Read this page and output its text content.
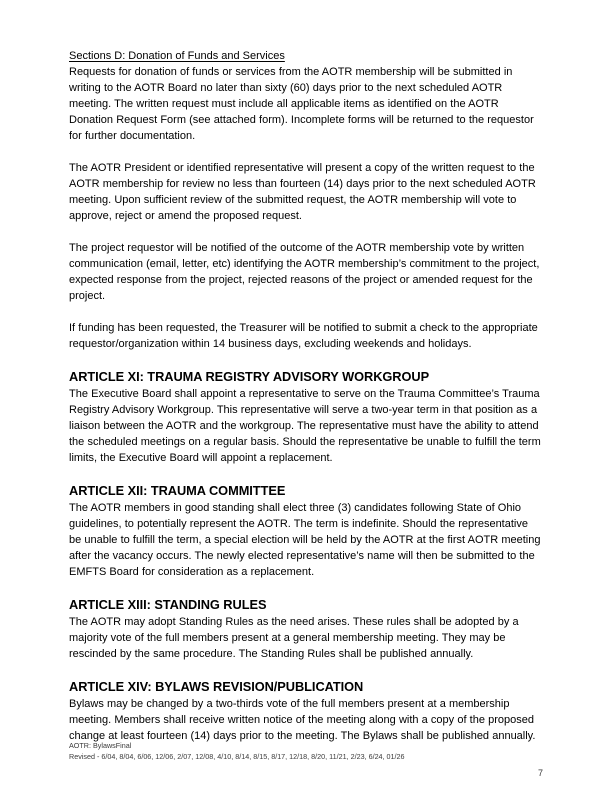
Sections D: Donation of Funds and Services

Requests for donation of funds or services from the AOTR membership will be submitted in writing to the AOTR Board no later than sixty (60) days prior to the next scheduled AOTR meeting. The written request must include all applicable items as identified on the AOTR Donation Request Form (see attached form). Incomplete forms will be returned to the requestor for further documentation.

The AOTR President or identified representative will present a copy of the written request to the AOTR membership for review no less than fourteen (14) days prior to the next scheduled AOTR meeting. Upon sufficient review of the submitted request, the AOTR membership will vote to approve, reject or amend the proposed request.

The project requestor will be notified of the outcome of the AOTR membership vote by written communication (email, letter, etc) identifying the AOTR membership’s commitment to the project, expected response from the project, rejected reasons of the project or amended request for the project.

If funding has been requested, the Treasurer will be notified to submit a check to the appropriate requestor/organization within 14 business days, excluding weekends and holidays.

ARTICLE XI: TRAUMA REGISTRY ADVISORY WORKGROUP

The Executive Board shall appoint a representative to serve on the Trauma Committee’s Trauma Registry Advisory Workgroup. This representative will serve a two-year term in that position as a liaison between the AOTR and the workgroup. The representative must have the ability to attend the scheduled meetings on a regular basis. Should the representative be unable to fulfill the term limits, the Executive Board will appoint a replacement.

ARTICLE XII: TRAUMA COMMITTEE

The AOTR members in good standing shall elect three (3) candidates following State of Ohio guidelines, to potentially represent the AOTR. The term is indefinite. Should the representative be unable to fulfill the term, a special election will be held by the AOTR at the first AOTR meeting after the vacancy occurs. The newly elected representative’s name will then be submitted to the EMFTS Board for consideration as a replacement.

ARTICLE XIII: STANDING RULES

The AOTR may adopt Standing Rules as the need arises. These rules shall be adopted by a majority vote of the full members present at a general membership meeting. They may be rescinded by the same procedure. The Standing Rules shall be published annually.

ARTICLE XIV: BYLAWS REVISION/PUBLICATION

Bylaws may be changed by a two-thirds vote of the full members present at a membership meeting. Members shall receive written notice of the meeting along with a copy of the proposed change at least fourteen (14) days prior to the meeting. The Bylaws shall be published annually.

AOTR: BylawsFinal
Revised - 6/04, 8/04, 6/06, 12/06, 2/07, 12/08, 4/10, 8/14, 8/15, 8/17, 12/18, 8/20, 11/21, 2/23, 6/24, 01/26
7
